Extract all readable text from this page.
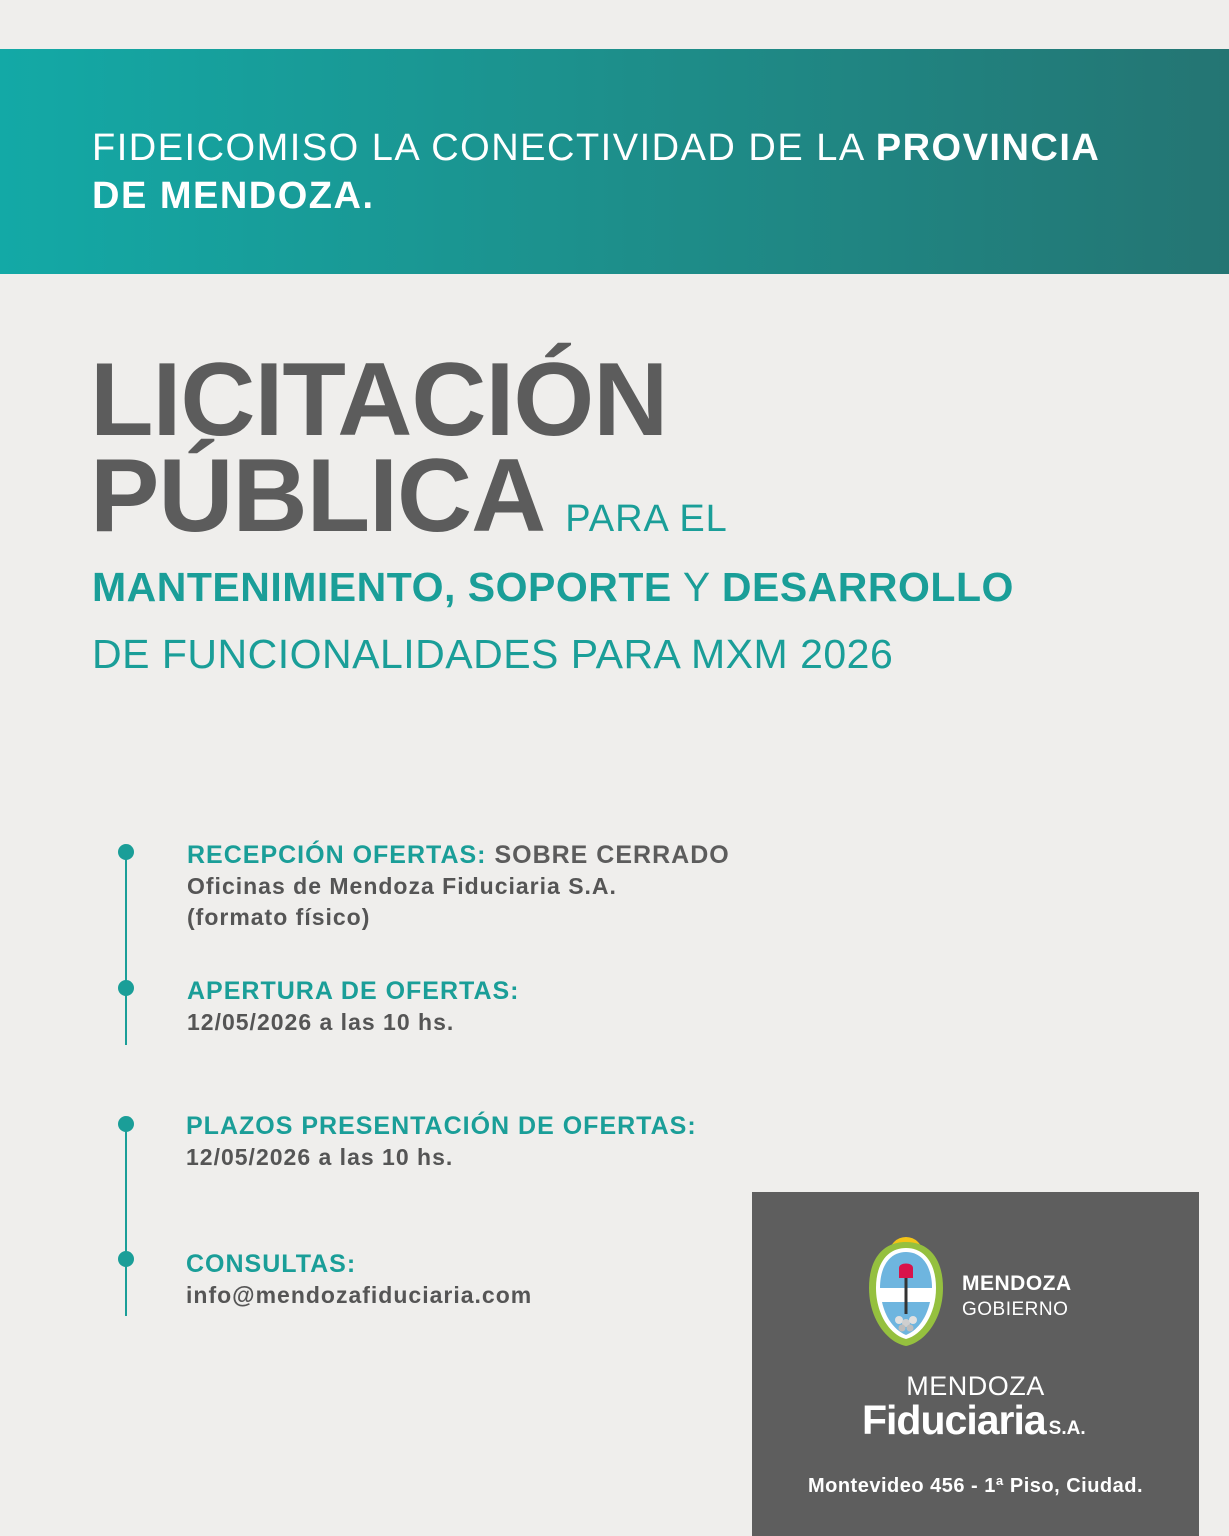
FIDEICOMISO LA CONECTIVIDAD DE LA PROVINCIA
DE MENDOZA.
LICITACIÓN
PÚBLICA PARA EL
MANTENIMIENTO, SOPORTE Y DESARROLLO
DE FUNCIONALIDADES PARA MXM 2026
RECEPCIÓN OFERTAS: SOBRE CERRADO
Oficinas de Mendoza Fiduciaria S.A.
(formato físico)
APERTURA DE OFERTAS:
12/05/2026 a las 10 hs.
PLAZOS PRESENTACIÓN DE OFERTAS:
12/05/2026 a las 10 hs.
CONSULTAS:
info@mendozafiduciaria.com	MENDOZA
GOBIERNO
MENDOZA
Fiduciaria S.A.
Montevideo 456 - 1ª Piso, Ciudad.
